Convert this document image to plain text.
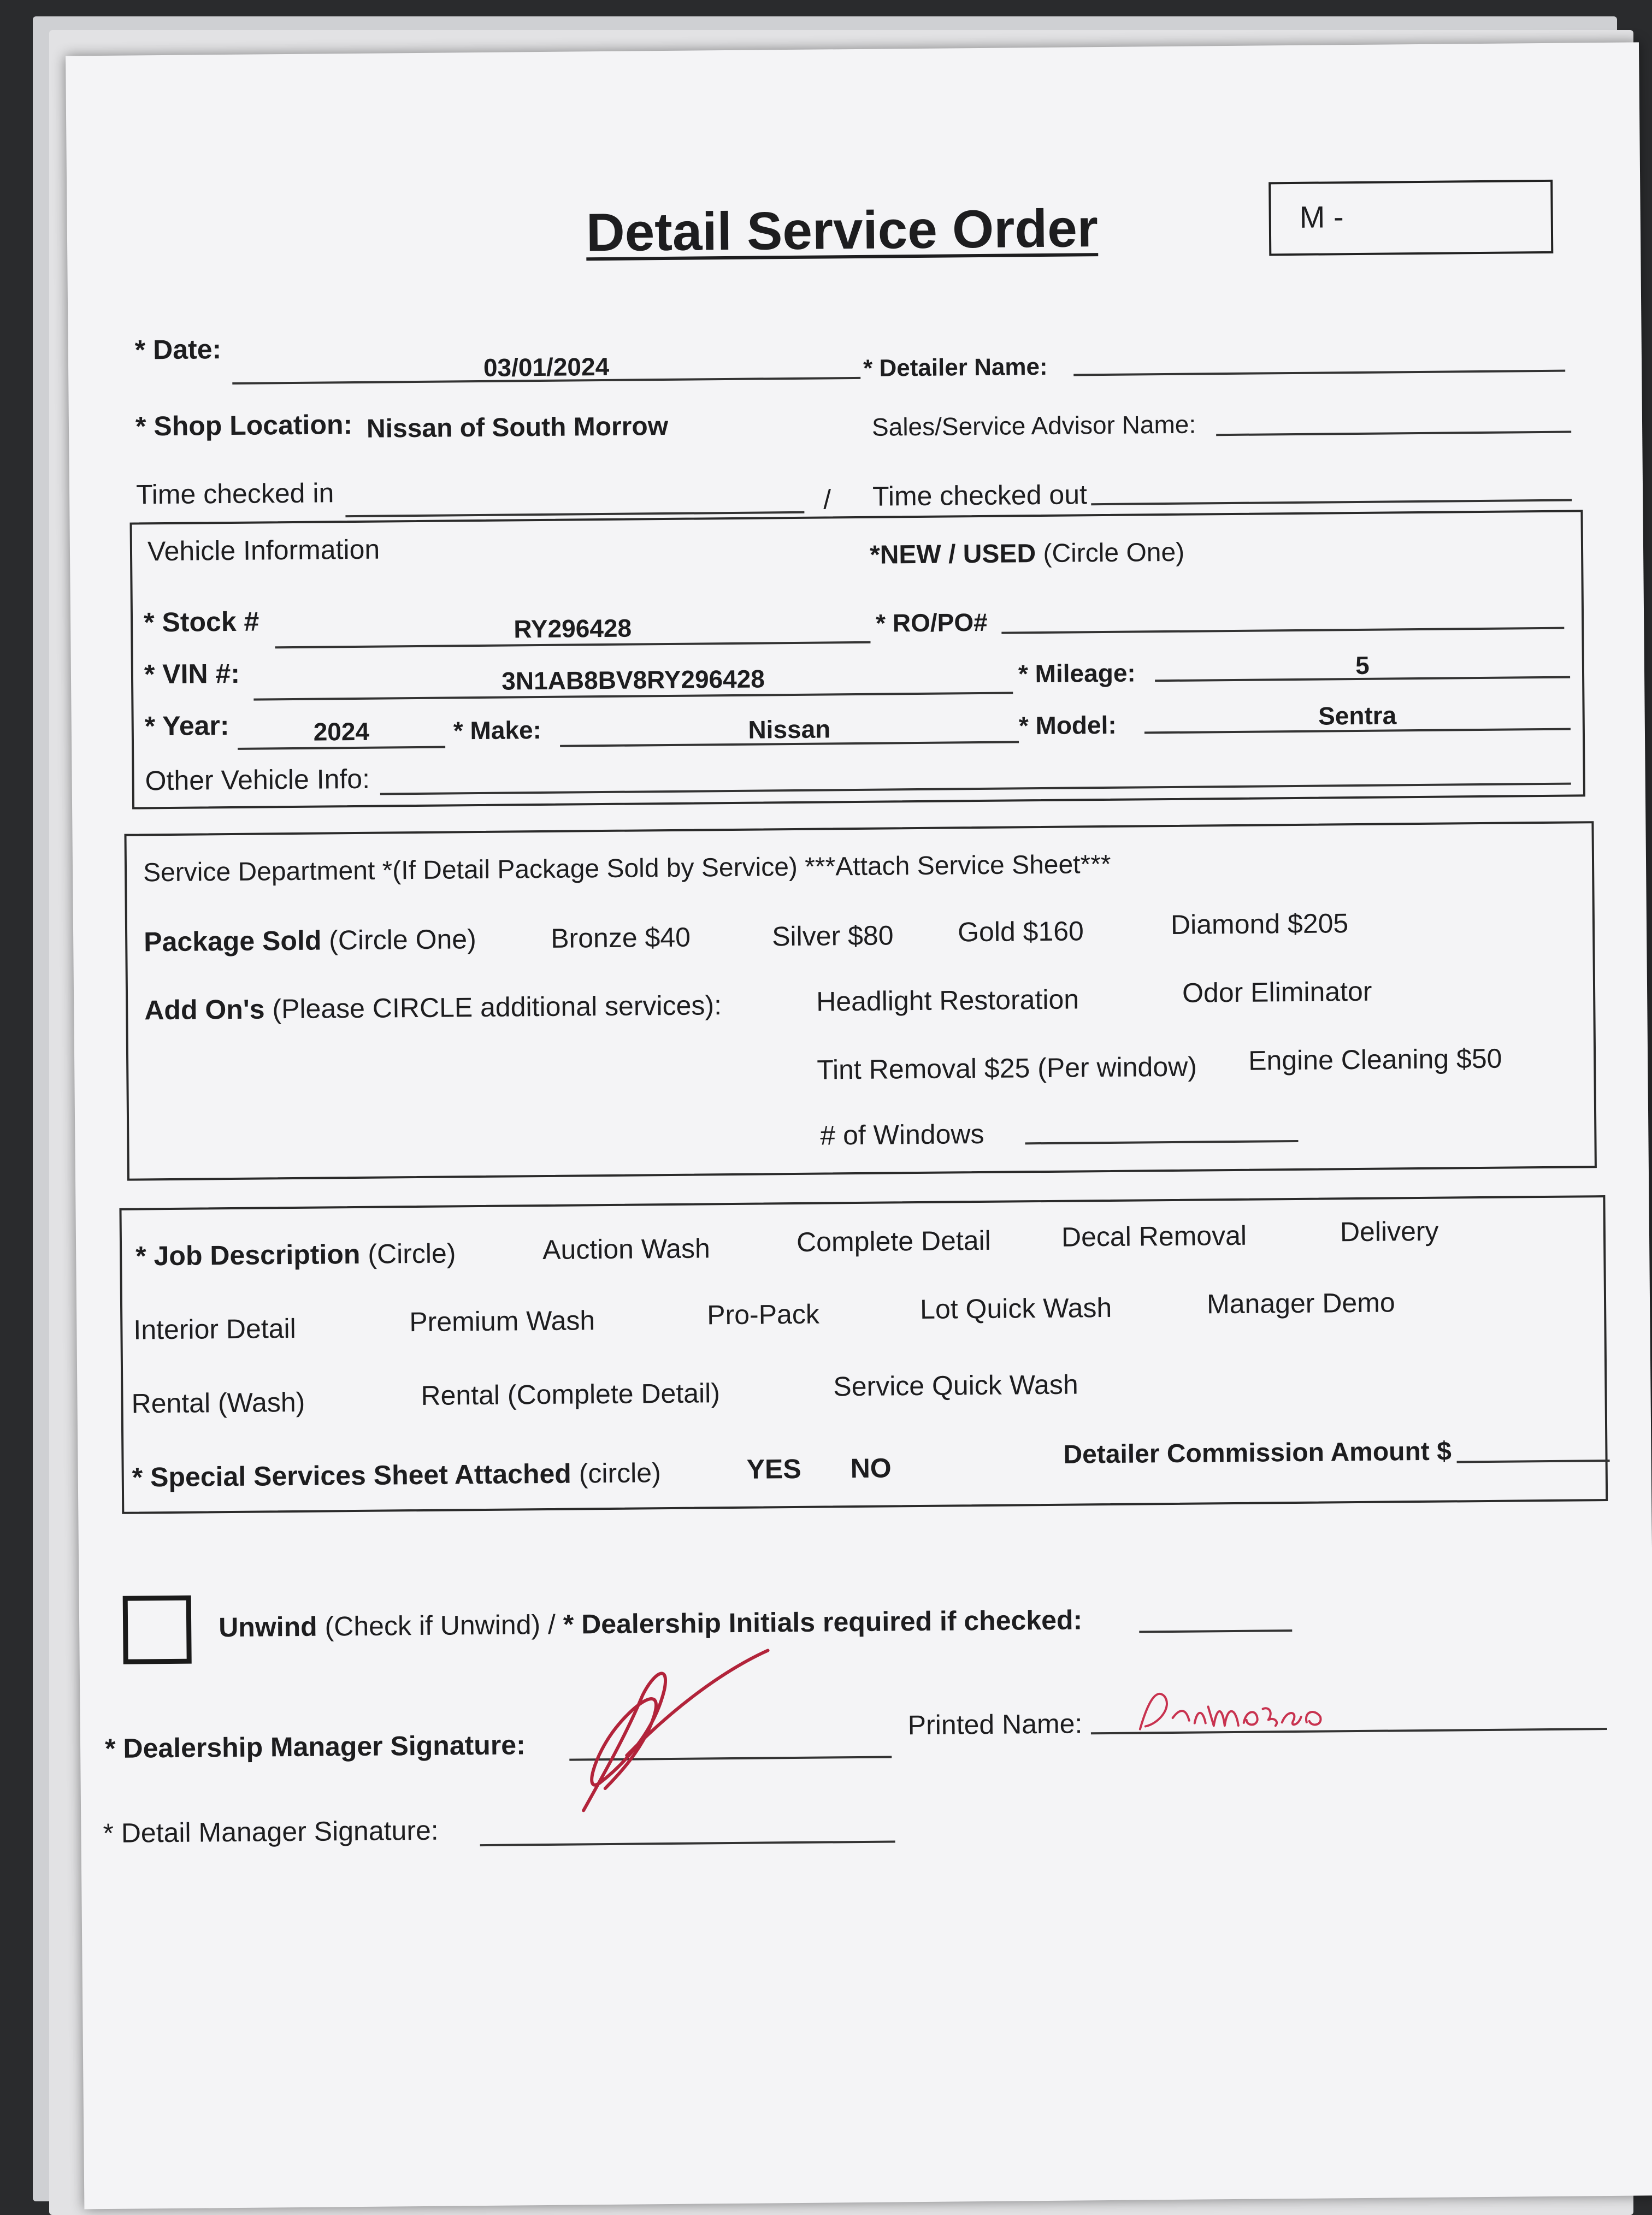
Detail Service Order	M -
* Date:
03/01/2024	* Detailer Name:
* Shop Location: Nissan of South Morrow	Sales/Service Advisor Name:
Time checked in	/ Time checked out
Vehicle Information	*NEW / USED (Circle One)
* Stock #	RY296428	* RO/PO#
* VIN #:	3N1AB8BV8RY296428	* Mileage:	5
* Year:	2024	* Make:	Nissan	* Model:	Sentra
Other Vehicle Info:
Service Department *(If Detail Package Sold by Service) ***Attach Service Sheet***
Package Sold (Circle One)	Bronze $40	Silver $80 Gold $160	Diamond $205
Add On's (Please CIRCLE additional services):	Headlight Restoration	Odor Eliminator
Tint Removal $25 (Per window) Engine Cleaning $50
# of Windows
* Job Description (Circle)	Auction Wash	Complete Detail	Decal Removal	Delivery
Interior Detail	Premium Wash	Pro-Pack	Lot Quick Wash	Manager Demo
Rental (Wash)	Rental (Complete Detail)	Service Quick Wash
* Special Services Sheet Attached (circle)	YES NO	Detailer Commission Amount $
Unwind (Check if Unwind) / * Dealership Initials required if checked:
* Dealership Manager Signature:
Printed Name:
* Detail Manager Signature:
